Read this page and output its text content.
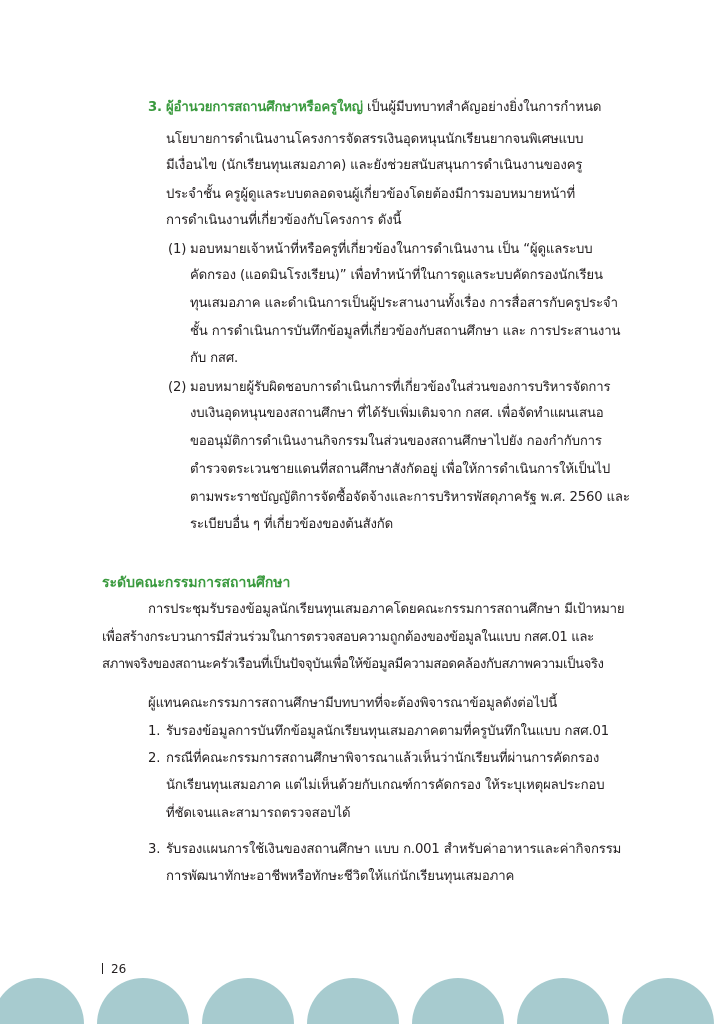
3. ผู้อำนวยการสถานศึกษาหรือครูใหญ่ เป็นผู้มีบทบาทสำคัญอย่างยิ่งในการกำหนด
นโยบายการดำเนินงานโครงการจัดสรรเงินอุดหนุนนักเรียนยากจนพิเศษแบบ
มีเงื่อนไข (นักเรียนทุนเสมอภาค) และยังช่วยสนับสนุนการดำเนินงานของครู
ประจำชั้น ครูผู้ดูแลระบบตลอดจนผู้เกี่ยวข้องโดยต้องมีการมอบหมายหน้าที่
การดำเนินงานที่เกี่ยวข้องกับโครงการ ดังนี้
(1) มอบหมายเจ้าหน้าที่หรือครูที่เกี่ยวข้องในการดำเนินงาน เป็น “ผู้ดูแลระบบ
คัดกรอง (แอดมินโรงเรียน)” เพื่อทำหน้าที่ในการดูแลระบบคัดกรองนักเรียน
ทุนเสมอภาค และดำเนินการเป็นผู้ประสานงานทั้งเรื่อง การสื่อสารกับครูประจำ
ชั้น การดำเนินการบันทึกข้อมูลที่เกี่ยวข้องกับสถานศึกษา และ การประสานงาน
กับ กสศ.
(2) มอบหมายผู้รับผิดชอบการดำเนินการที่เกี่ยวข้องในส่วนของการบริหารจัดการ
งบเงินอุดหนุนของสถานศึกษา ที่ได้รับเพิ่มเติมจาก กสศ. เพื่อจัดทำแผนเสนอ
ขออนุมัติการดำเนินงานกิจกรรมในส่วนของสถานศึกษาไปยัง กองกำกับการ
ตำรวจตระเวนชายแดนที่สถานศึกษาสังกัดอยู่ เพื่อให้การดำเนินการให้เป็นไป
ตามพระราชบัญญัติการจัดซื้อจัดจ้างและการบริหารพัสดุภาครัฐ พ.ศ. 2560 และ
ระเบียบอื่น ๆ ที่เกี่ยวข้องของต้นสังกัด
ระดับคณะกรรมการสถานศึกษา
การประชุมรับรองข้อมูลนักเรียนทุนเสมอภาคโดยคณะกรรมการสถานศึกษา มีเป้าหมาย
เพื่อสร้างกระบวนการมีส่วนร่วมในการตรวจสอบความถูกต้องของข้อมูลในแบบ กสศ.01 และ
สภาพจริงของสถานะครัวเรือนที่เป็นปัจจุบันเพื่อให้ข้อมูลมีความสอดคล้องกับสภาพความเป็นจริง
ผู้แทนคณะกรรมการสถานศึกษามีบทบาทที่จะต้องพิจารณาข้อมูลดังต่อไปนี้
1. รับรองข้อมูลการบันทึกข้อมูลนักเรียนทุนเสมอภาคตามที่ครูบันทึกในแบบ กสศ.01
2. กรณีที่คณะกรรมการสถานศึกษาพิจารณาแล้วเห็นว่านักเรียนที่ผ่านการคัดกรอง
นักเรียนทุนเสมอภาค แต่ไม่เห็นด้วยกับเกณฑ์การคัดกรอง ให้ระบุเหตุผลประกอบ
ที่ชัดเจนและสามารถตรวจสอบได้
3. รับรองแผนการใช้เงินของสถานศึกษา แบบ ก.001 สำหรับค่าอาหารและค่ากิจกรรม
การพัฒนาทักษะอาชีพหรือทักษะชีวิตให้แก่นักเรียนทุนเสมอภาค
26
